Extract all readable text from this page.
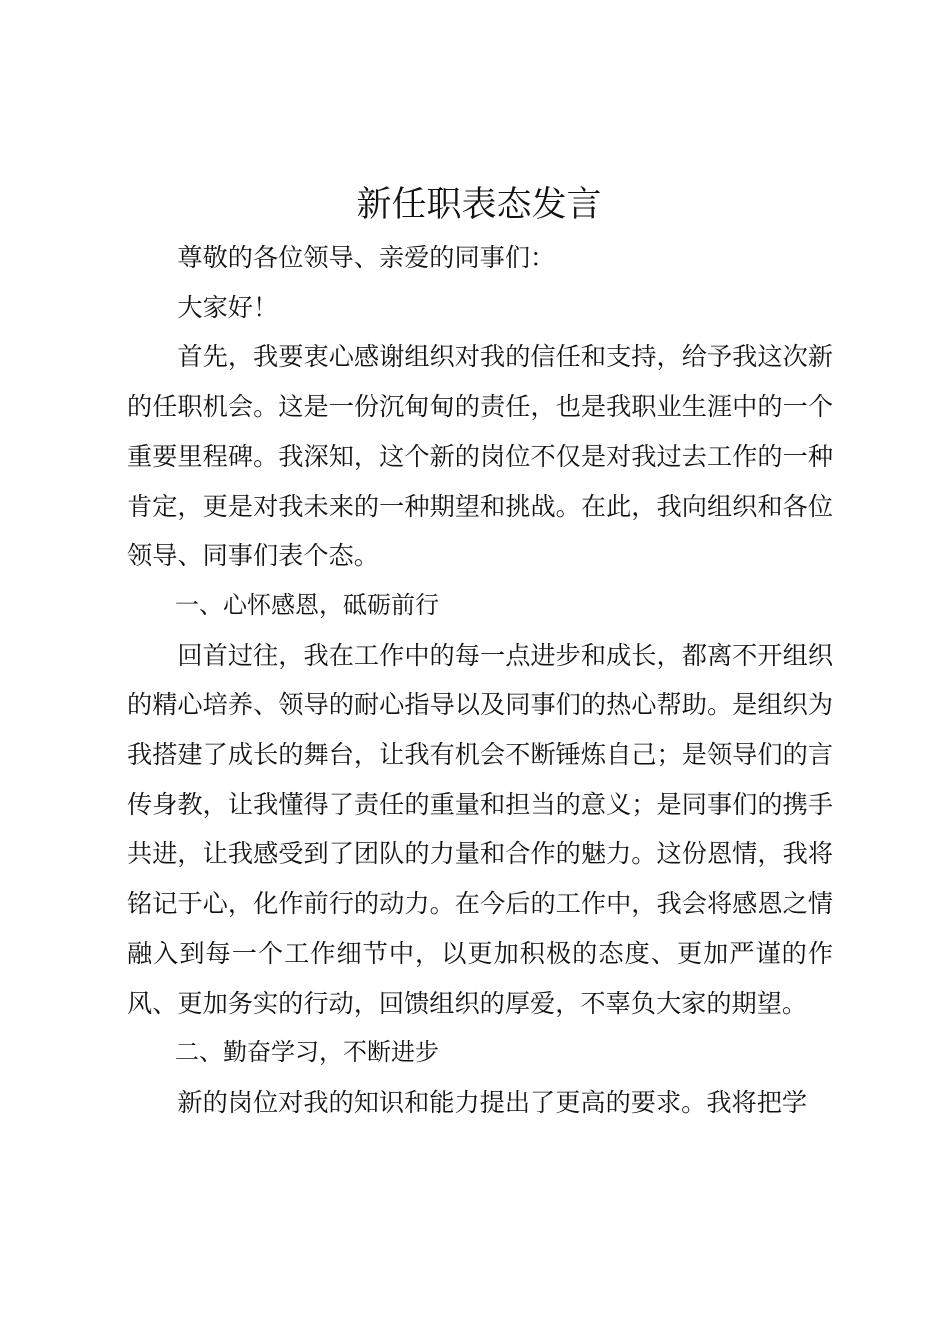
新任职表态发言

尊敬的各位领导、亲爱的同事们：

大家好！

首先，我要衷心感谢组织对我的信任和支持，给予我这次新的任职机会。这是一份沉甸甸的责任，也是我职业生涯中的一个重要里程碑。我深知，这个新的岗位不仅是对我过去工作的一种肯定，更是对我未来的一种期望和挑战。在此，我向组织和各位领导、同事们表个态。

一、心怀感恩，砥砺前行

回首过往，我在工作中的每一点进步和成长，都离不开组织的精心培养、领导的耐心指导以及同事们的热心帮助。是组织为我搭建了成长的舞台，让我有机会不断锤炼自己；是领导们的言传身教，让我懂得了责任的重量和担当的意义；是同事们的携手共进，让我感受到了团队的力量和合作的魅力。这份恩情，我将铭记于心，化作前行的动力。在今后的工作中，我会将感恩之情融入到每一个工作细节中，以更加积极的态度、更加严谨的作风、更加务实的行动，回馈组织的厚爱，不辜负大家的期望。

二、勤奋学习，不断进步

新的岗位对我的知识和能力提出了更高的要求。我将把学
